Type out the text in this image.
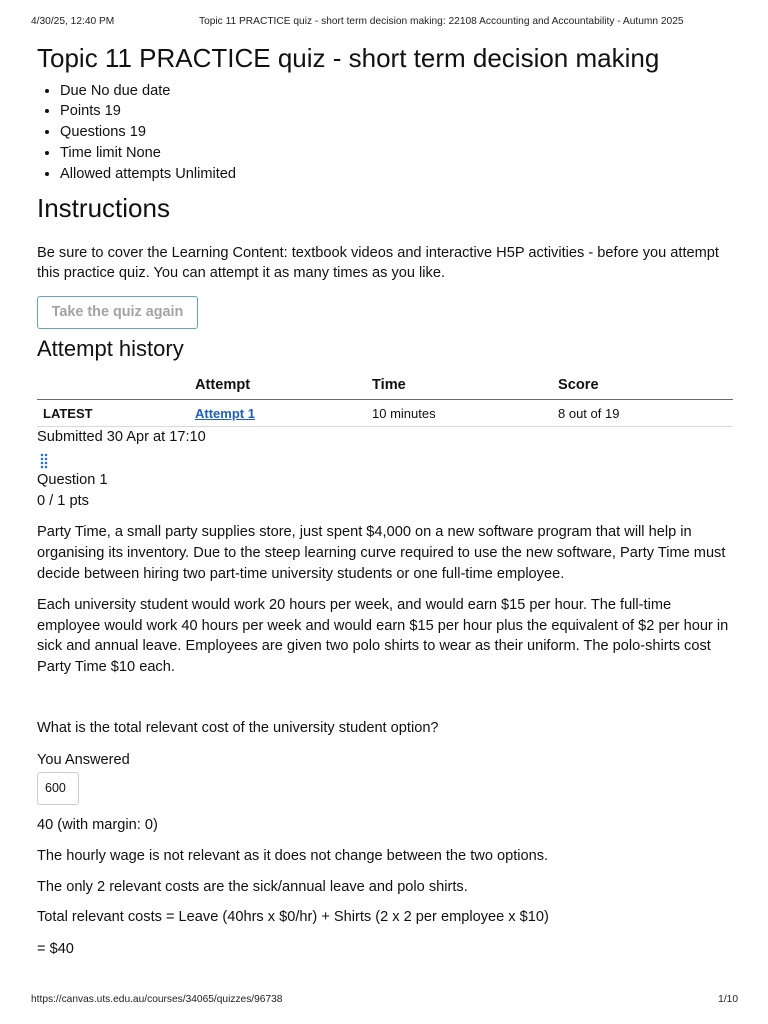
4/30/25, 12:40 PM	Topic 11 PRACTICE quiz - short term decision making: 22108 Accounting and Accountability - Autumn 2025
Topic 11 PRACTICE quiz - short term decision making
• Due No due date
• Points 19
• Questions 19
• Time limit None
• Allowed attempts Unlimited
Instructions

Be sure to cover the Learning Content: textbook videos and interactive H5P activities - before you attempt this practice quiz. You can attempt it as many times as you like.

Take the quiz again
Attempt history
	Attempt	Time	Score
LATEST	Attempt 1	10 minutes	8 out of 19

Submitted 30 Apr at 17:10

Question 1

0 / 1 pts

Party Time, a small party supplies store, just spent $4,000 on a new software program that will help in organising its inventory. Due to the steep learning curve required to use the new software, Party Time must decide between hiring two part-time university students or one full-time employee.

Each university student would work 20 hours per week, and would earn $15 per hour. The full-time employee would work 40 hours per week and would earn $15 per hour plus the equivalent of $2 per hour in sick and annual leave. Employees are given two polo shirts to wear as their uniform. The polo-shirts cost Party Time $10 each.

What is the total relevant cost of the university student option?

You Answered

600

40 (with margin: 0)

The hourly wage is not relevant as it does not change between the two options.

The only 2 relevant costs are the sick/annual leave and polo shirts.

Total relevant costs = Leave (40hrs x $0/hr) + Shirts (2 x 2 per employee x $10)

= $40

https://canvas.uts.edu.au/courses/34065/quizzes/96738	1/10
